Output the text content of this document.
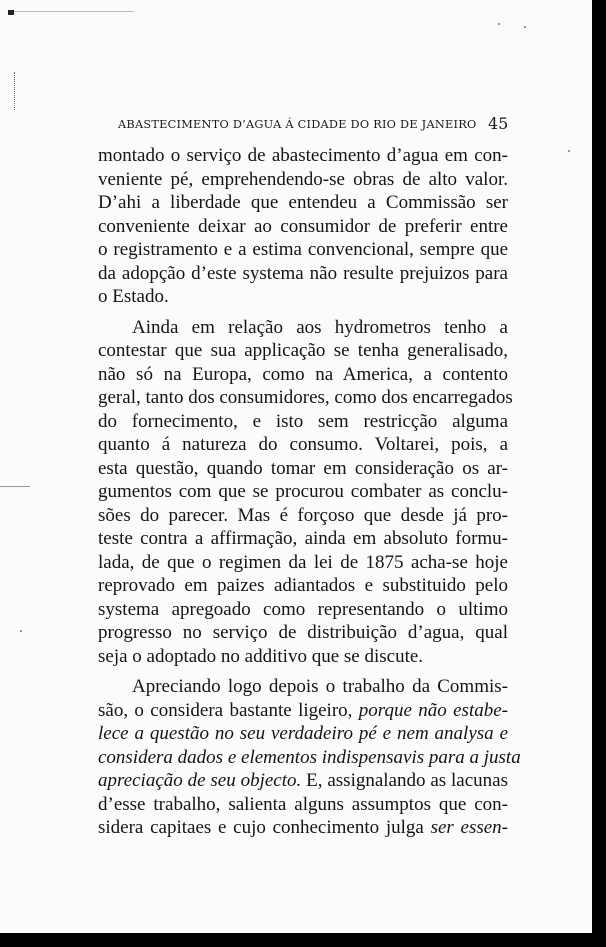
ABASTECIMENTO D’AGUA Á CIDADE DO RIO DE JANEIRO 45
montado o serviço de abastecimento d’agua em con-
veniente pé, emprehendendo-se obras de alto valor.
D’ahi a liberdade que entendeu a Commissão ser
conveniente deixar ao consumidor de preferir entre
o registramento e a estima convencional, sempre que
da adopção d’este systema não resulte prejuizos para
o Estado.
Ainda em relação aos hydrometros tenho a
contestar que sua applicação se tenha generalisado,
não só na Europa, como na America, a contento
geral, tanto dos consumidores, como dos encarregados
do fornecimento, e isto sem restricção alguma
quanto á natureza do consumo. Voltarei, pois, a
esta questão, quando tomar em consideração os ar-
gumentos com que se procurou combater as conclu-
sões do parecer. Mas é forçoso que desde já pro-
teste contra a affirmação, ainda em absoluto formu-
lada, de que o regimen da lei de 1875 acha-se hoje
reprovado em paizes adiantados e substituido pelo
systema apregoado como representando o ultimo
progresso no serviço de distribuição d’agua, qual
seja o adoptado no additivo que se discute.
Apreciando logo depois o trabalho da Commis-
são, o considera bastante ligeiro, porque não estabe-
lece a questão no seu verdadeiro pé e nem analysa e
considera dados e elementos indispensavis para a justa
apreciação de seu objecto. E, assignalando as lacunas
d’esse trabalho, salienta alguns assumptos que con-
sidera capitaes e cujo conhecimento julga ser essen-
